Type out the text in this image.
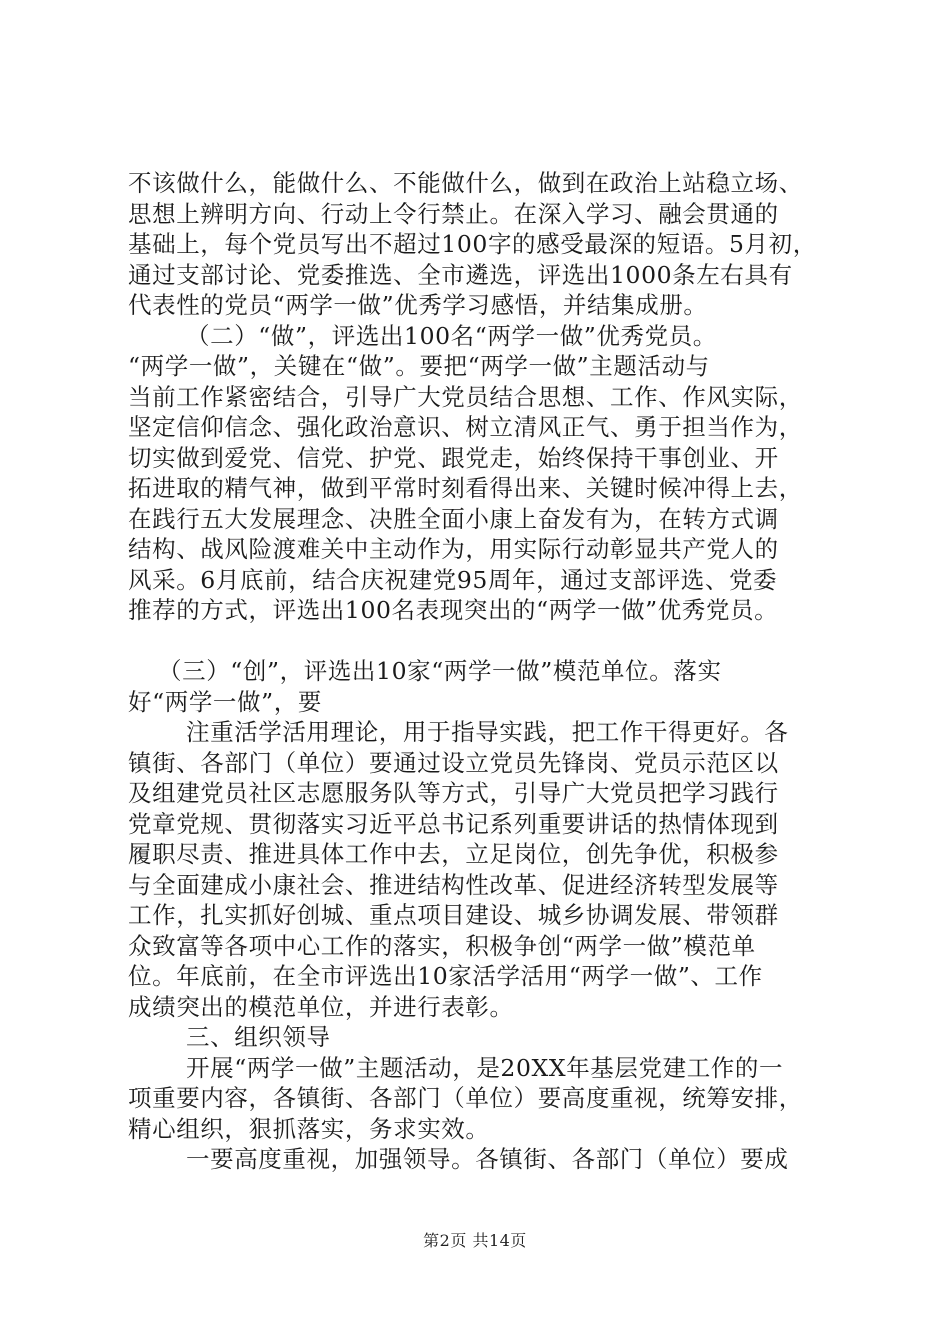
不该做什么，能做什么、不能做什么，做到在政治上站稳立场、
思想上辨明方向、行动上令行禁止。在深入学习、融会贯通的
基础上，每个党员写出不超过100字的感受最深的短语。5月初，
通过支部讨论、党委推选、全市遴选，评选出1000条左右具有
代表性的党员“两学一做”优秀学习感悟，并结集成册。
（二）“做”，评选出100名“两学一做”优秀党员。
“两学一做”，关键在“做”。要把“两学一做”主题活动与
当前工作紧密结合，引导广大党员结合思想、工作、作风实际，
坚定信仰信念、强化政治意识、树立清风正气、勇于担当作为，
切实做到爱党、信党、护党、跟党走，始终保持干事创业、开
拓进取的精气神，做到平常时刻看得出来、关键时候冲得上去，
在践行五大发展理念、决胜全面小康上奋发有为，在转方式调
结构、战风险渡难关中主动作为，用实际行动彰显共产党人的
风采。6月底前，结合庆祝建党95周年，通过支部评选、党委
推荐的方式，评选出100名表现突出的“两学一做”优秀党员。
（三）“创”，评选出10家“两学一做”模范单位。落实
好“两学一做”，要
注重活学活用理论，用于指导实践，把工作干得更好。各
镇街、各部门（单位）要通过设立党员先锋岗、党员示范区以
及组建党员社区志愿服务队等方式，引导广大党员把学习践行
党章党规、贯彻落实习近平总书记系列重要讲话的热情体现到
履职尽责、推进具体工作中去，立足岗位，创先争优，积极参
与全面建成小康社会、推进结构性改革、促进经济转型发展等
工作，扎实抓好创城、重点项目建设、城乡协调发展、带领群
众致富等各项中心工作的落实，积极争创“两学一做”模范单
位。年底前，在全市评选出10家活学活用“两学一做”、工作
成绩突出的模范单位，并进行表彰。
三、组织领导
开展“两学一做”主题活动，是20XX年基层党建工作的一
项重要内容，各镇街、各部门（单位）要高度重视，统筹安排，
精心组织，狠抓落实，务求实效。
一要高度重视，加强领导。各镇街、各部门（单位）要成
第2页 共14页
